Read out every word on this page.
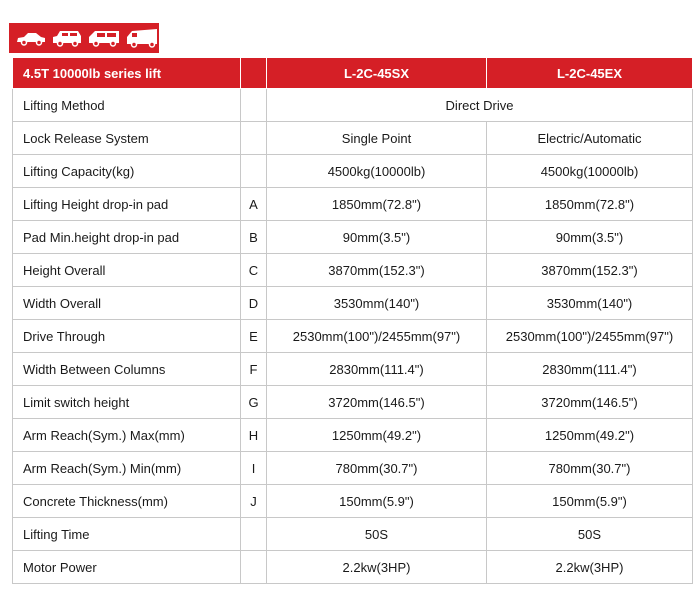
4.5T 10000lb series lift		L-2C-45SX	L-2C-45EX
Lifting Method		Direct Drive	
Lock Release System		Single Point	Electric/Automatic
Lifting Capacity(kg)		4500kg(10000lb)	4500kg(10000lb)
Lifting Height drop-in pad	A	1850mm(72.8")	1850mm(72.8")
Pad Min.height drop-in pad	B	90mm(3.5")	90mm(3.5")
Height Overall	C	3870mm(152.3")	3870mm(152.3")
Width Overall	D	3530mm(140")	3530mm(140")
Drive Through	E	2530mm(100")/2455mm(97")	2530mm(100")/2455mm(97")
Width Between Columns	F	2830mm(111.4")	2830mm(111.4")
Limit switch height	G	3720mm(146.5")	3720mm(146.5")
Arm Reach(Sym.) Max(mm)	H	1250mm(49.2")	1250mm(49.2")
Arm Reach(Sym.) Min(mm)	I	780mm(30.7")	780mm(30.7")
Concrete Thickness(mm)	J	150mm(5.9")	150mm(5.9")
Lifting Time		50S	50S
Motor Power		2.2kw(3HP)	2.2kw(3HP)
